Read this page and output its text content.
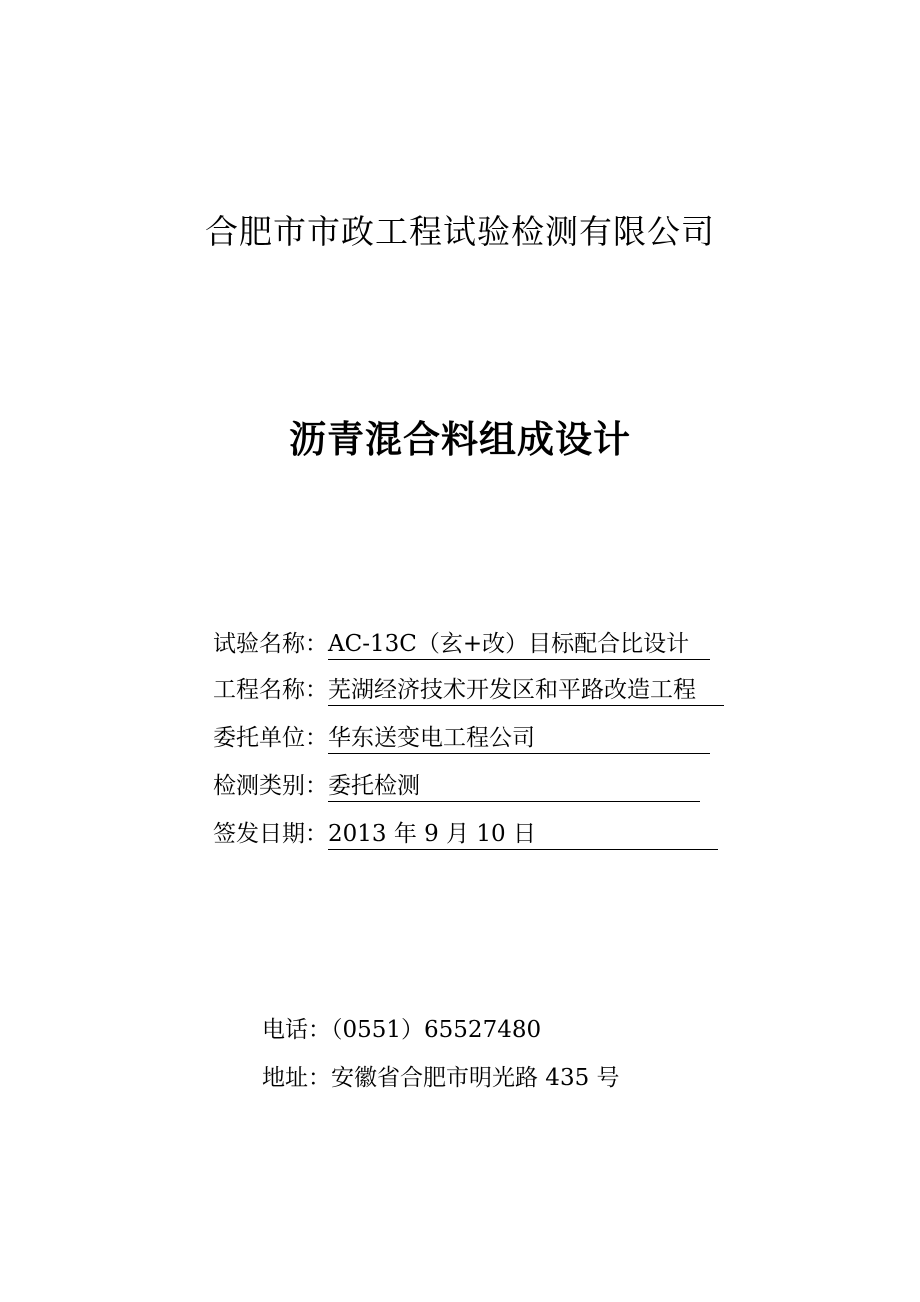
合肥市市政工程试验检测有限公司
沥青混合料组成设计
试验名称：AC-13C（玄+改）目标配合比设计
工程名称：芜湖经济技术开发区和平路改造工程
委托单位：华东送变电工程公司
检测类别：委托检测
签发日期：2013 年 9 月 10 日
电话：（0551）65527480
地址：安徽省合肥市明光路 435 号
